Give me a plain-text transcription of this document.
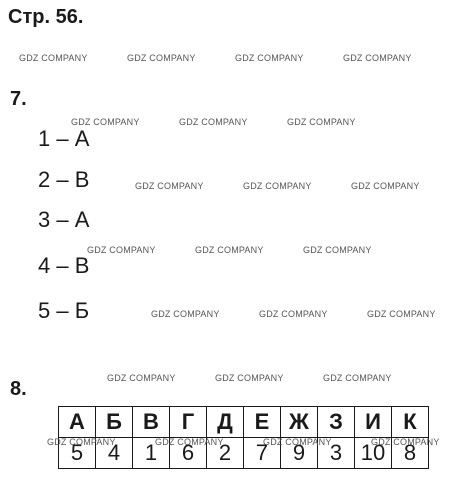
Стр. 56.
7.
1 – А
2 – В
3 – А
4 – В
5 – Б
8.
А	Б	В	Г	Д	Е	Ж	З	И	К
5	4	1	6	2	7	9	3	10	8
GDZ COMPANY	GDZ COMPANY	GDZ COMPANY	GDZ COMPANY
GDZ COMPANY	GDZ COMPANY	GDZ COMPANY
GDZ COMPANY	GDZ COMPANY	GDZ COMPANY
GDZ COMPANY	GDZ COMPANY	GDZ COMPANY
GDZ COMPANY	GDZ COMPANY	GDZ COMPANY
GDZ COMPANY	GDZ COMPANY	GDZ COMPANY
GDZ COMPANY	GDZ COMPANY	GDZ COMPANY	GDZ COMPANY
